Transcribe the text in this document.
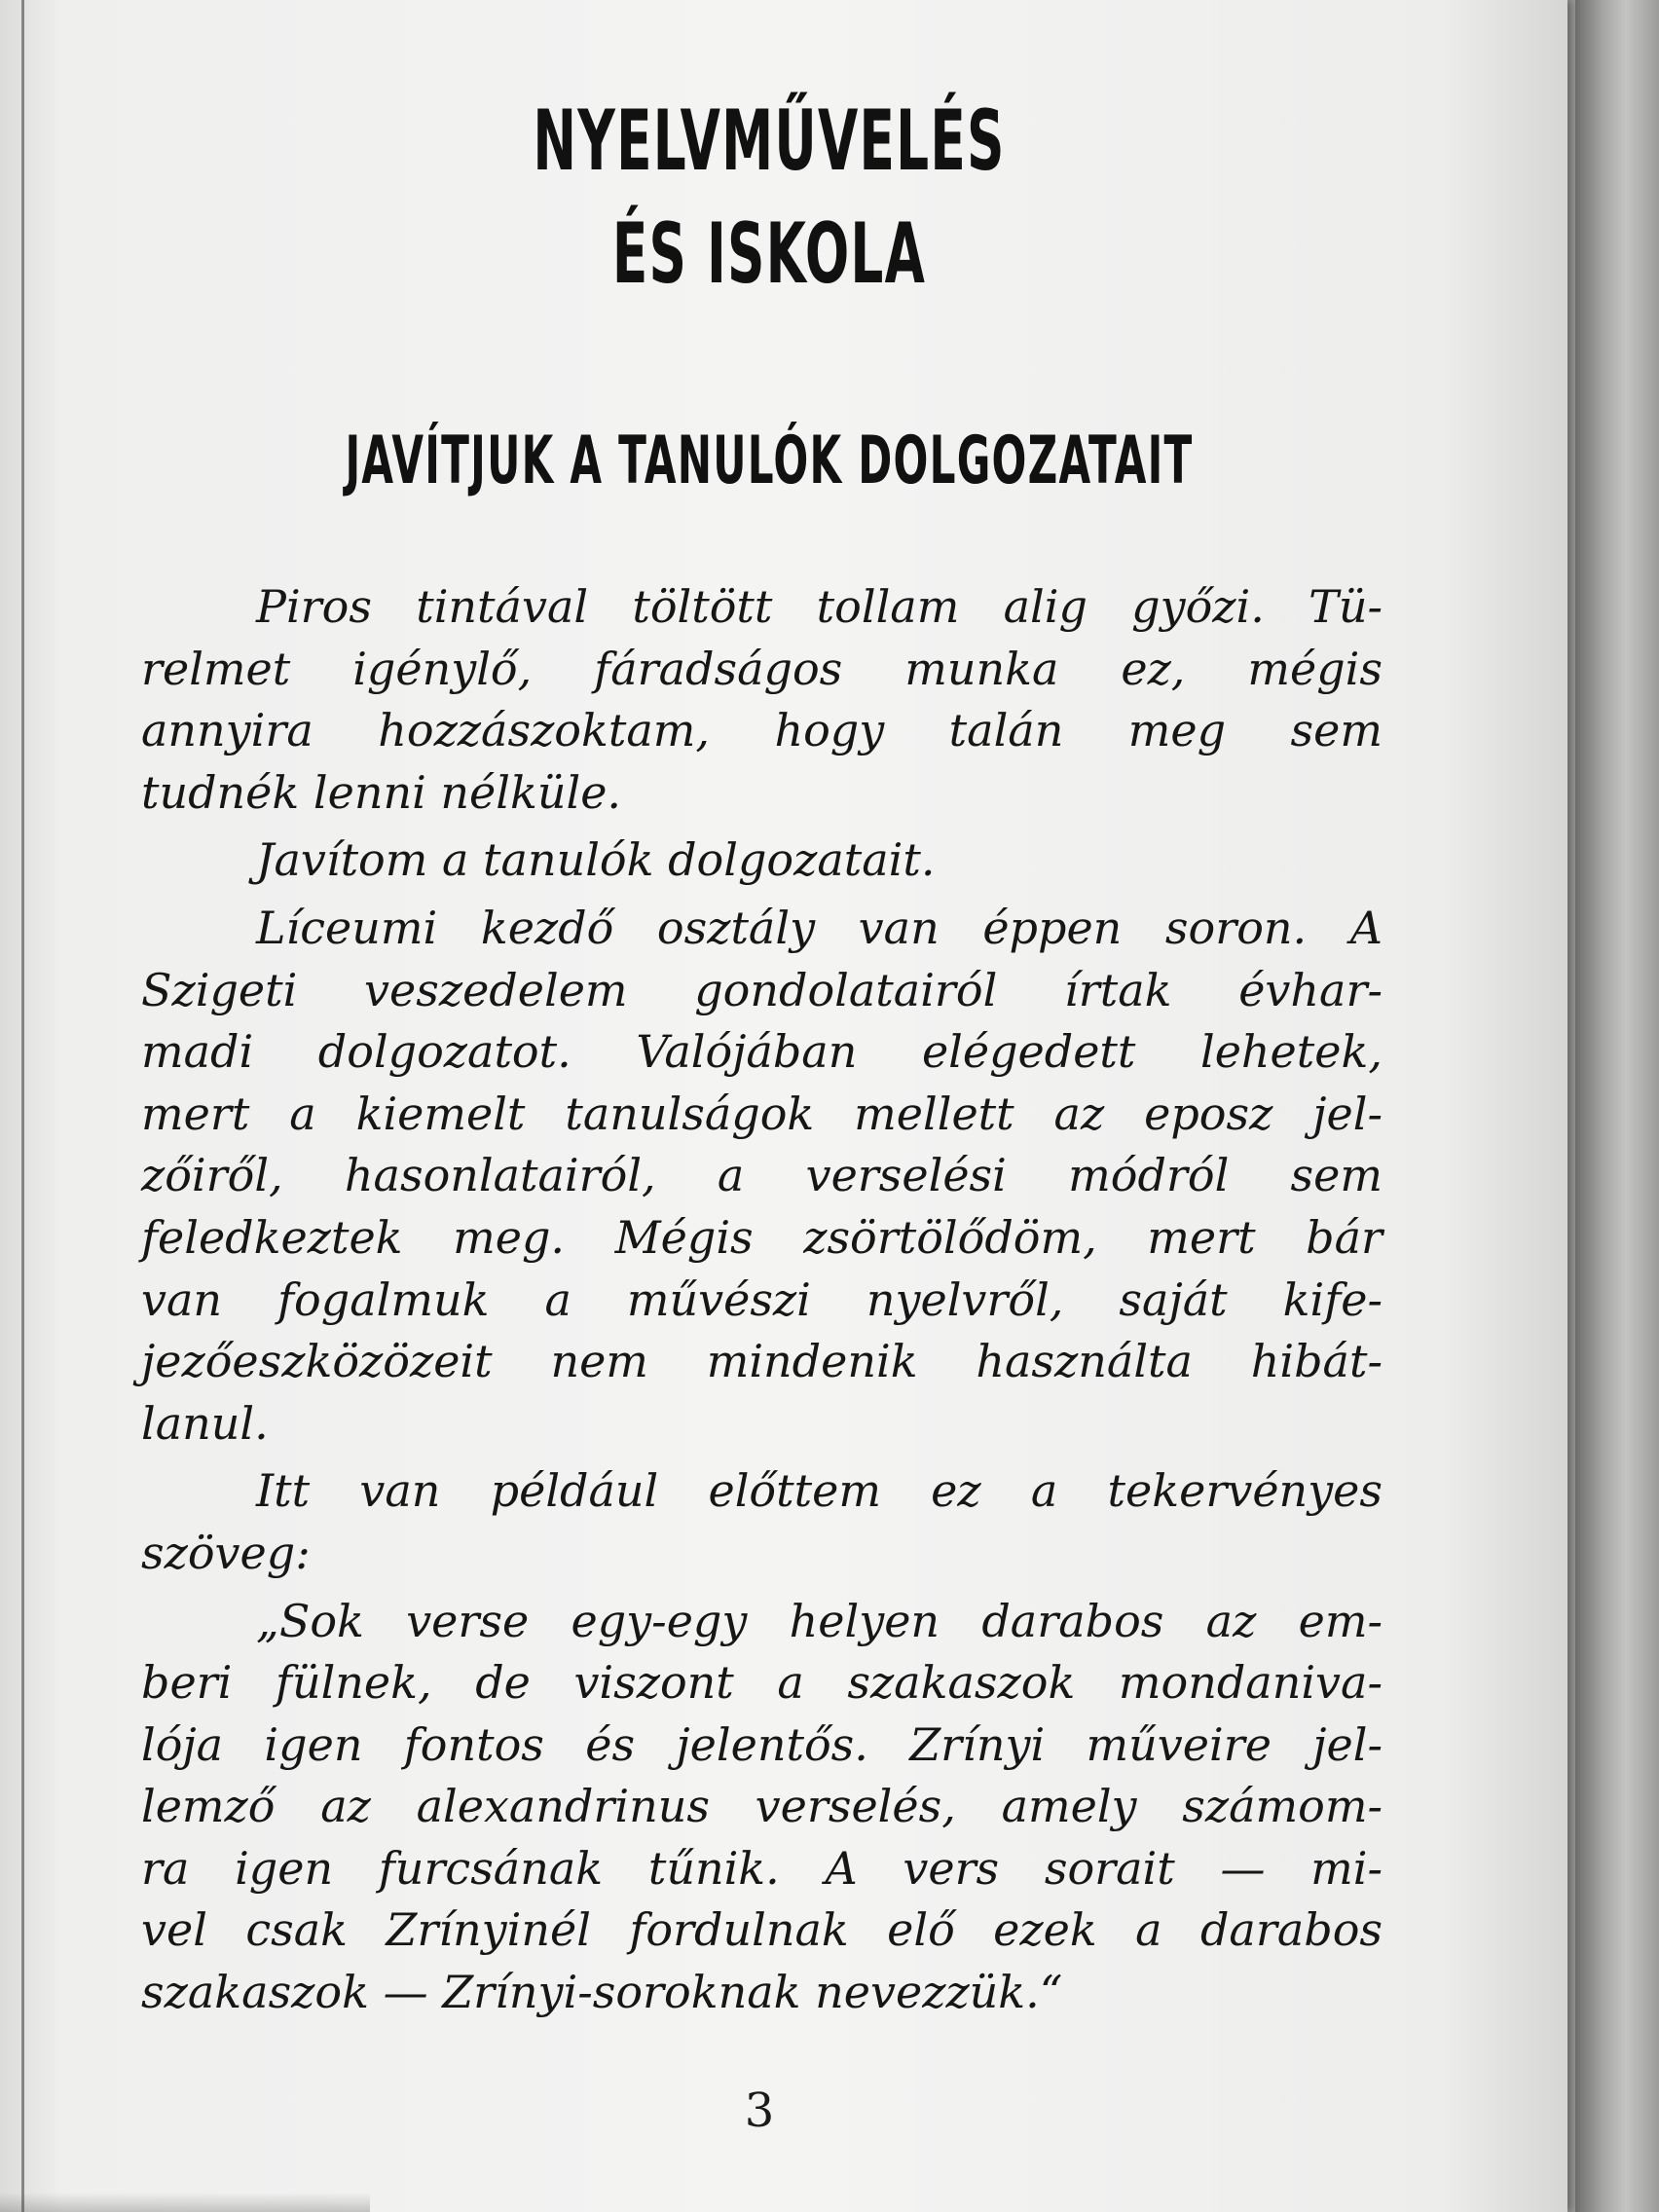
NYELVMŰVELÉS
ÉS ISKOLA
JAVÍTJUK A TANULÓK DOLGOZATAIT

Piros tintával töltött tollam alig győzi. Tü-
relmet igénylő, fáradságos munka ez, mégis
annyira hozzászoktam, hogy talán meg sem
tudnék lenni nélküle.

Javítom a tanulók dolgozatait.

Líceumi kezdő osztály van éppen soron. A
Szigeti veszedelem gondolatairól írtak évhar-
madi dolgozatot. Valójában elégedett lehetek,
mert a kiemelt tanulságok mellett az eposz jel-
zőiről, hasonlatairól, a verselési módról sem
feledkeztek meg. Mégis zsörtölődöm, mert bár
van fogalmuk a művészi nyelvről, saját kife-
jezőeszközözeit nem mindenik használta hibát-
lanul.

Itt van például előttem ez a tekervényes
szöveg:

„Sok verse egy-egy helyen darabos az em-
beri fülnek, de viszont a szakaszok mondaniva-
lója igen fontos és jelentős. Zrínyi műveire jel-
lemző az alexandrinus verselés, amely számom-
ra igen furcsának tűnik. A vers sorait — mi-
vel csak Zrínyinél fordulnak elő ezek a darabos
szakaszok — Zrínyi-soroknak nevezzük.“

3
